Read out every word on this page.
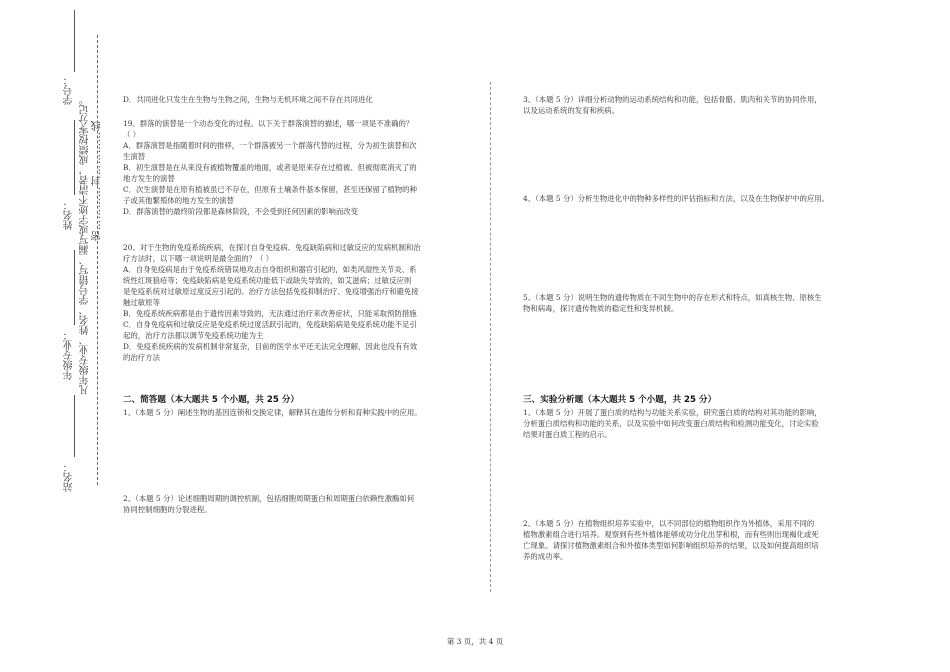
学号：
姓名：
年级专业：
站名：
凡年级专业、姓名、学号错写、漏写或字迹不清者，成绩按零分记。 密…………封…………线

D．共同进化只发生在生物与生物之间，生物与无机环境之间不存在共同进化

19、群落的演替是一个动态变化的过程。以下关于群落演替的描述，哪一项是不准确的？

（ ）

A．群落演替是指随着时间的推移，一个群落被另一个群落代替的过程，分为初生演替和次

生演替

B．初生演替是在从来没有被植物覆盖的地面，或者是原来存在过植被、但被彻底消灭了的

地方发生的演替

C．次生演替是在原有植被虽已不存在，但原有土壤条件基本保留，甚至还保留了植物的种

子或其他繁殖体的地方发生的演替

D．群落演替的最终阶段都是森林阶段，不会受到任何因素的影响而改变

20、对于生物的免疫系统疾病，在探讨自身免疫病、免疫缺陷病和过敏反应的发病机制和治

疗方法时，以下哪一项说明是最全面的？（ ）

A．自身免疫病是由于免疫系统错误地攻击自身组织和器官引起的，如类风湿性关节炎、系

统性红斑狼疮等；免疫缺陷病是免疫系统功能低下或缺失导致的，如艾滋病；过敏反应则

是免疫系统对过敏原过度反应引起的。治疗方法包括免疫抑制治疗、免疫增强治疗和避免接

触过敏原等

B．免疫系统疾病都是由于遗传因素导致的，无法通过治疗来改善症状，只能采取预防措施

C．自身免疫病和过敏反应是免疫系统过度活跃引起的，免疫缺陷病是免疫系统功能不足引

起的，治疗方法都以调节免疫系统功能为主

D．免疫系统疾病的发病机制非常复杂，目前的医学水平还无法完全理解，因此也没有有效

的治疗方法

二、简答题（本大题共 5 个小题，共 25 分）

1、（本题 5 分）阐述生物的基因连锁和交换定律，解释其在遗传分析和育种实践中的应用。

2、（本题 5 分）论述细胞周期的调控机制，包括细胞周期蛋白和周期蛋白依赖性激酶如何

协同控制细胞的分裂进程。

3、（本题 5 分）详细分析动物的运动系统结构和功能，包括骨骼、肌肉和关节的协同作用，

以及运动系统的发育和疾病。

4、（本题 5 分）分析生物进化中的物种多样性的评估指标和方法，以及在生物保护中的应用。

5、（本题 5 分）说明生物的遗传物质在不同生物中的存在形式和特点，如真核生物、原核生

物和病毒，探讨遗传物质的稳定性和变异机制。

三、实验分析题（本大题共 5 个小题，共 25 分）

1、（本题 5 分）开展了蛋白质的结构与功能关系实验，研究蛋白质的结构对其功能的影响，

分析蛋白质结构和功能的关系，以及实验中如何改变蛋白质结构和检测功能变化，讨论实验

结果对蛋白质工程的启示。

2、（本题 5 分）在植物组织培养实验中，以不同部位的植物组织作为外植体，采用不同的

植物激素组合进行培养。观察到有些外植体能够成功分化出芽和根，而有些则出现褐化或死

亡现象。请探讨植物激素组合和外植体类型如何影响组织培养的结果，以及如何提高组织培

养的成功率。

第 3 页，共 4 页
